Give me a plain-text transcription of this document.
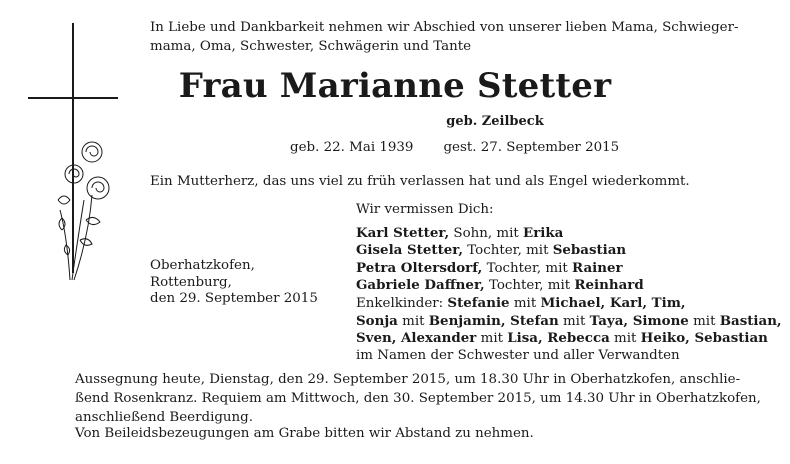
In Liebe und Dankbarkeit nehmen wir Abschied von unserer lieben Mama, Schwieger-
mama, Oma, Schwester, Schwägerin und Tante
Frau Marianne Stetter
geb. Zeilbeck
geb. 22. Mai 1939 gest. 27. September 2015
Ein Mutterherz, das uns viel zu früh verlassen hat und als Engel wiederkommt.
Oberhatzkofen,
Rottenburg,
den 29. September 2015
Wir vermissen Dich:
Karl Stetter, Sohn, mit Erika
Gisela Stetter, Tochter, mit Sebastian
Petra Oltersdorf, Tochter, mit Rainer
Gabriele Daffner, Tochter, mit Reinhard
Enkelkinder: Stefanie mit Michael, Karl, Tim,
Sonja mit Benjamin, Stefan mit Taya, Simone mit Bastian,
Sven, Alexander mit Lisa, Rebecca mit Heiko, Sebastian
im Namen der Schwester und aller Verwandten
Aussegnung heute, Dienstag, den 29. September 2015, um 18.30 Uhr in Oberhatzkofen, anschlie-
ßend Rosenkranz. Requiem am Mittwoch, den 30. September 2015, um 14.30 Uhr in Oberhatzkofen,
anschließend Beerdigung.
Von Beileidsbezeugungen am Grabe bitten wir Abstand zu nehmen.
